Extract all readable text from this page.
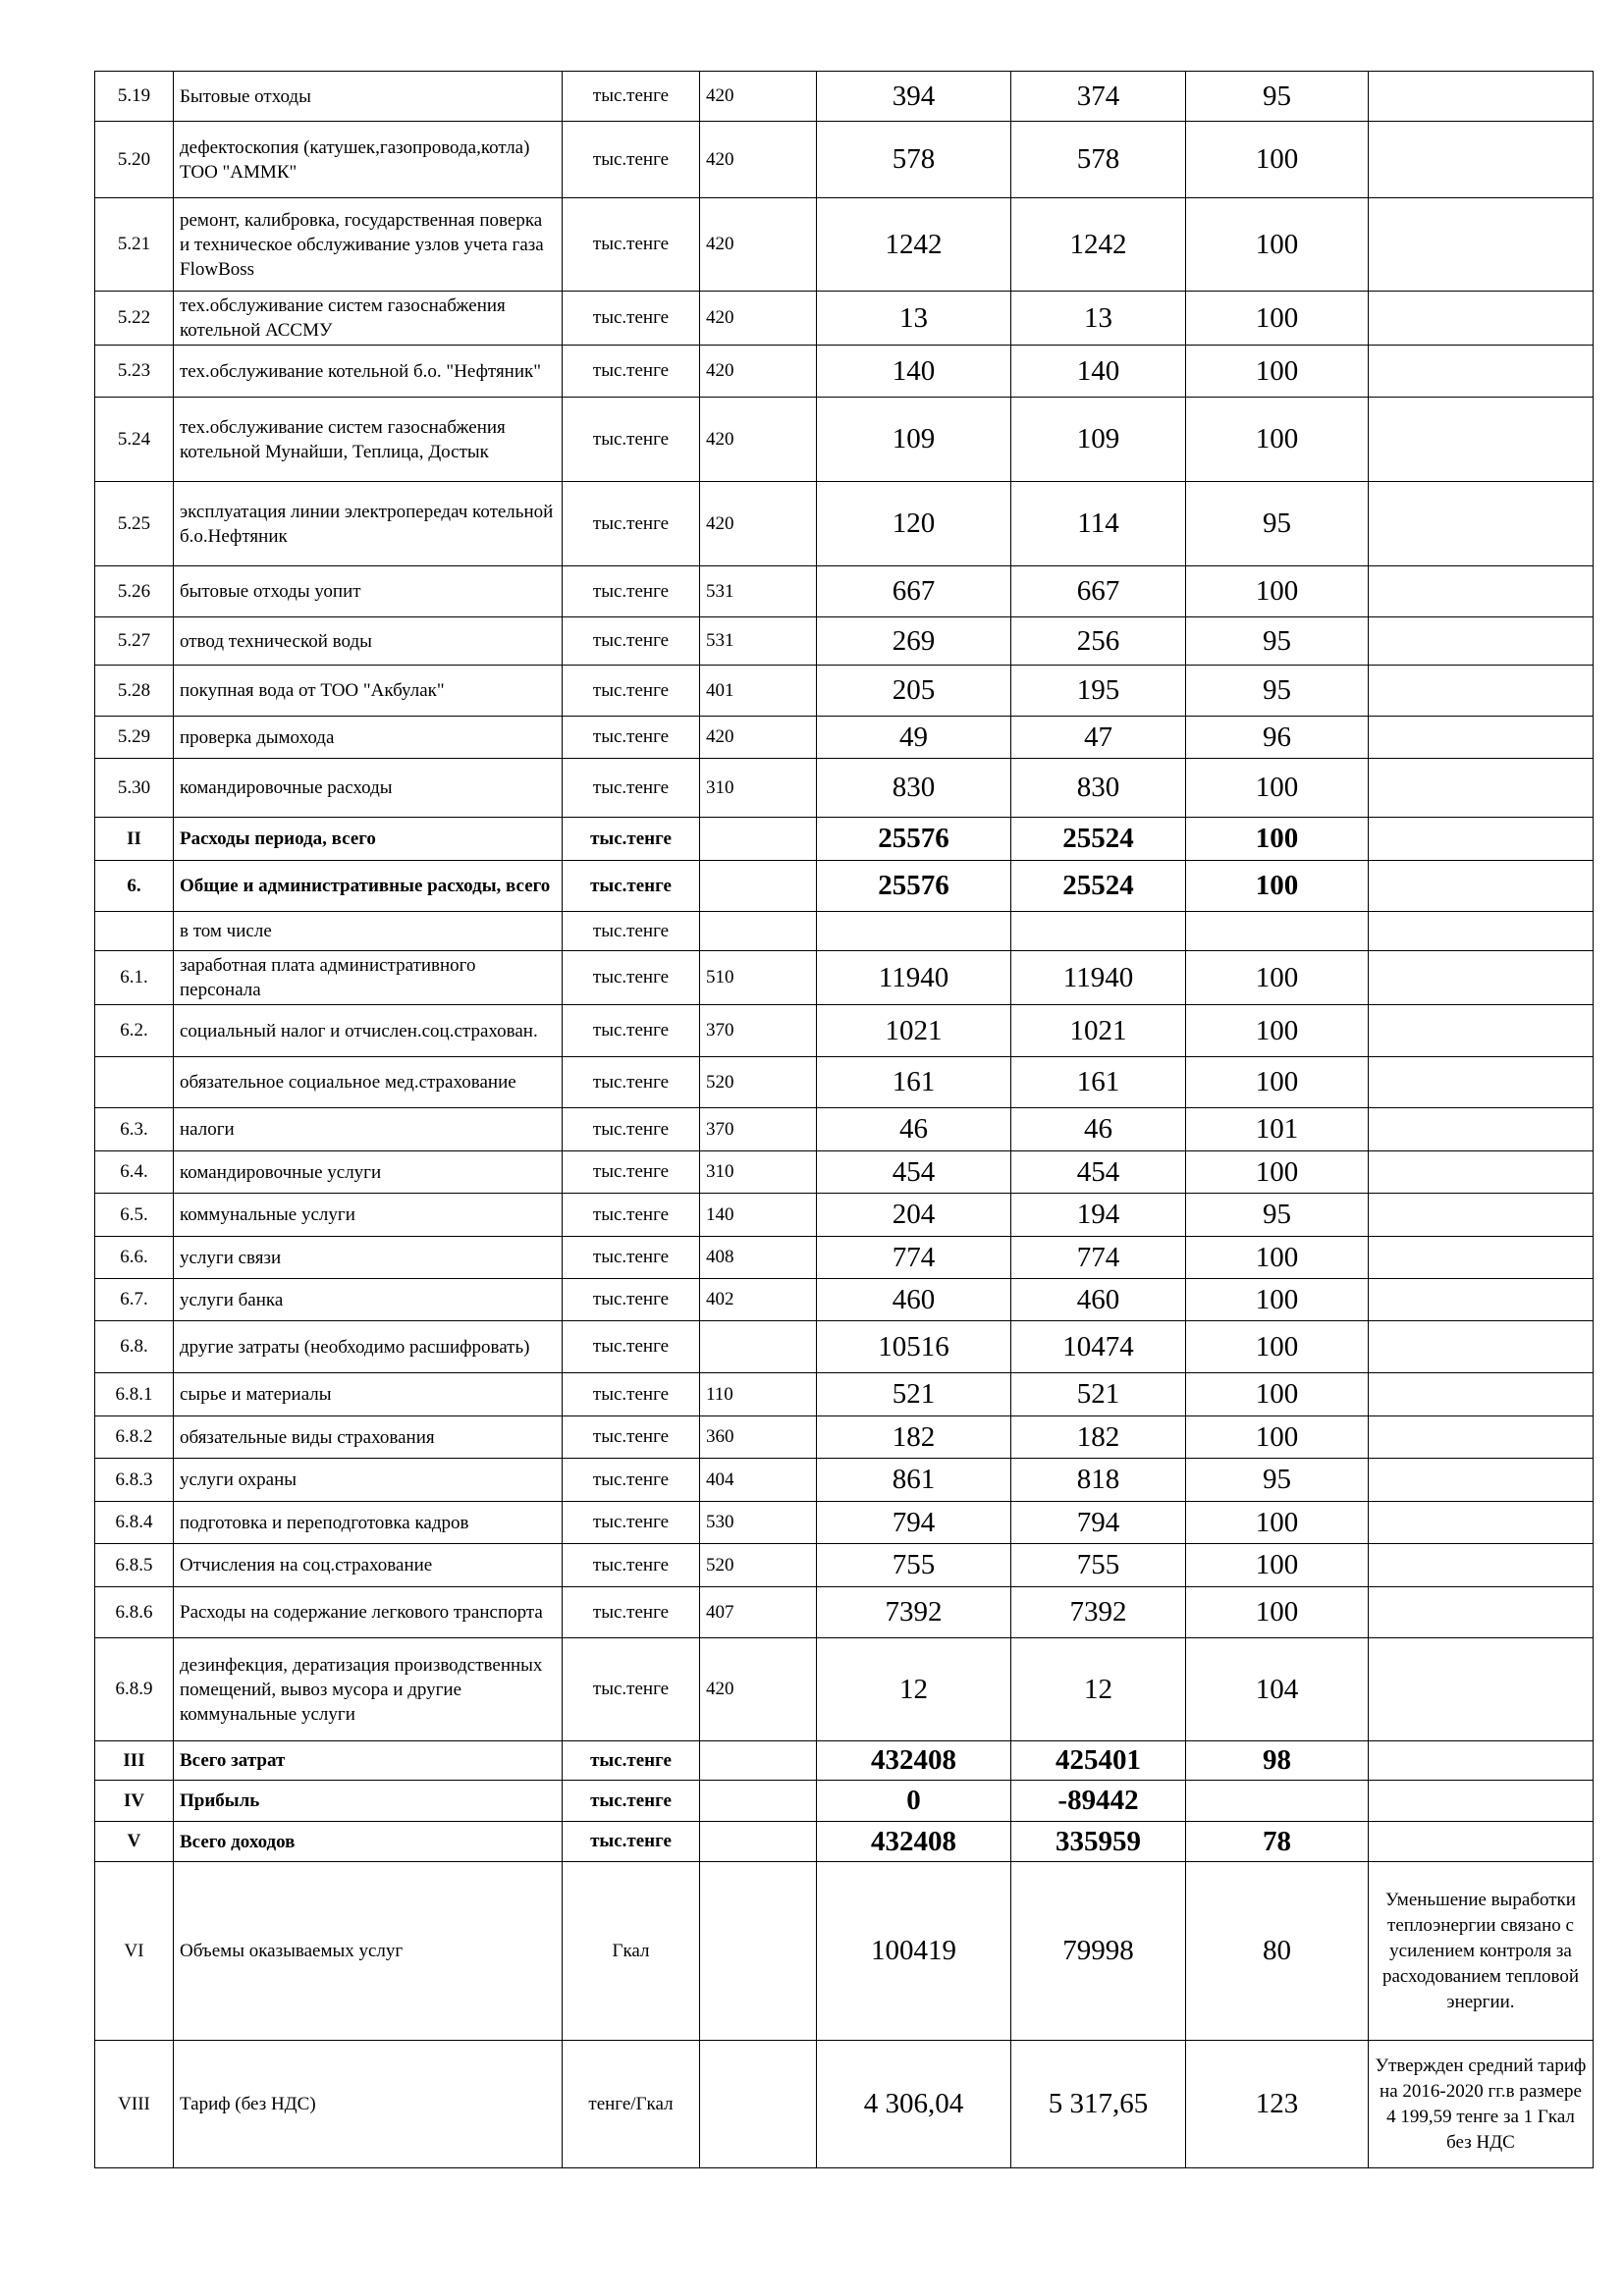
5.19	Бытовые отходы	тыс.тенге	420	394	374	95	
5.20	дефектоскопия (катушек,газопровода,котла) ТОО "АММК"	тыс.тенге	420	578	578	100	
5.21	ремонт, калибровка, государственная поверка и техническое обслуживание узлов учета газа FlowBoss	тыс.тенге	420	1242	1242	100	
5.22	тех.обслуживание систем газоснабжения котельной АССМУ	тыс.тенге	420	13	13	100	
5.23	тех.обслуживание котельной б.о. "Нефтяник"	тыс.тенге	420	140	140	100	
5.24	тех.обслуживание систем газоснабжения котельной Мунайши, Теплица, Достык	тыс.тенге	420	109	109	100	
5.25	эксплуатация линии электропередач котельной б.о.Нефтяник	тыс.тенге	420	120	114	95	
5.26	бытовые отходы уопит	тыс.тенге	531	667	667	100	
5.27	отвод технической воды	тыс.тенге	531	269	256	95	
5.28	покупная вода от ТОО "Акбулак"	тыс.тенге	401	205	195	95	
5.29	проверка дымохода	тыс.тенге	420	49	47	96	
5.30	командировочные расходы	тыс.тенге	310	830	830	100	
II	Расходы периода, всего	тыс.тенге		25576	25524	100	
6.	Общие и административные расходы, всего	тыс.тенге		25576	25524	100	
	в том числе	тыс.тенге					
6.1.	заработная плата административного персонала	тыс.тенге	510	11940	11940	100	
6.2.	социальный налог и отчислен.соц.страхован.	тыс.тенге	370	1021	1021	100	
	обязательное социальное мед.страхование	тыс.тенге	520	161	161	100	
6.3.	налоги	тыс.тенге	370	46	46	101	
6.4.	командировочные услуги	тыс.тенге	310	454	454	100	
6.5.	коммунальные услуги	тыс.тенге	140	204	194	95	
6.6.	услуги связи	тыс.тенге	408	774	774	100	
6.7.	услуги банка	тыс.тенге	402	460	460	100	
6.8.	другие затраты (необходимо расшифровать)	тыс.тенге		10516	10474	100	
6.8.1	сырье и материалы	тыс.тенге	110	521	521	100	
6.8.2	обязательные виды страхования	тыс.тенге	360	182	182	100	
6.8.3	услуги охраны	тыс.тенге	404	861	818	95	
6.8.4	подготовка и переподготовка кадров	тыс.тенге	530	794	794	100	
6.8.5	Отчисления на соц.страхование	тыс.тенге	520	755	755	100	
6.8.6	Расходы на содержание легкового транспорта	тыс.тенге	407	7392	7392	100	
6.8.9	дезинфекция, дератизация производственных помещений, вывоз мусора и другие коммунальные услуги	тыс.тенге	420	12	12	104	
III	Всего затрат	тыс.тенге		432408	425401	98	
IV	Прибыль	тыс.тенге		0	-89442		
V	Всего доходов	тыс.тенге		432408	335959	78	
VI	Объемы оказываемых услуг	Гкал		100419	79998	80	Уменьшение выработки теплоэнергии связано с усилением контроля за расходованием тепловой энергии.
VIII	Тариф (без НДС)	тенге/Гкал		4 306,04	5 317,65	123	Утвержден средний тариф на 2016-2020 гг.в размере 4 199,59 тенге за 1 Гкал без НДС
